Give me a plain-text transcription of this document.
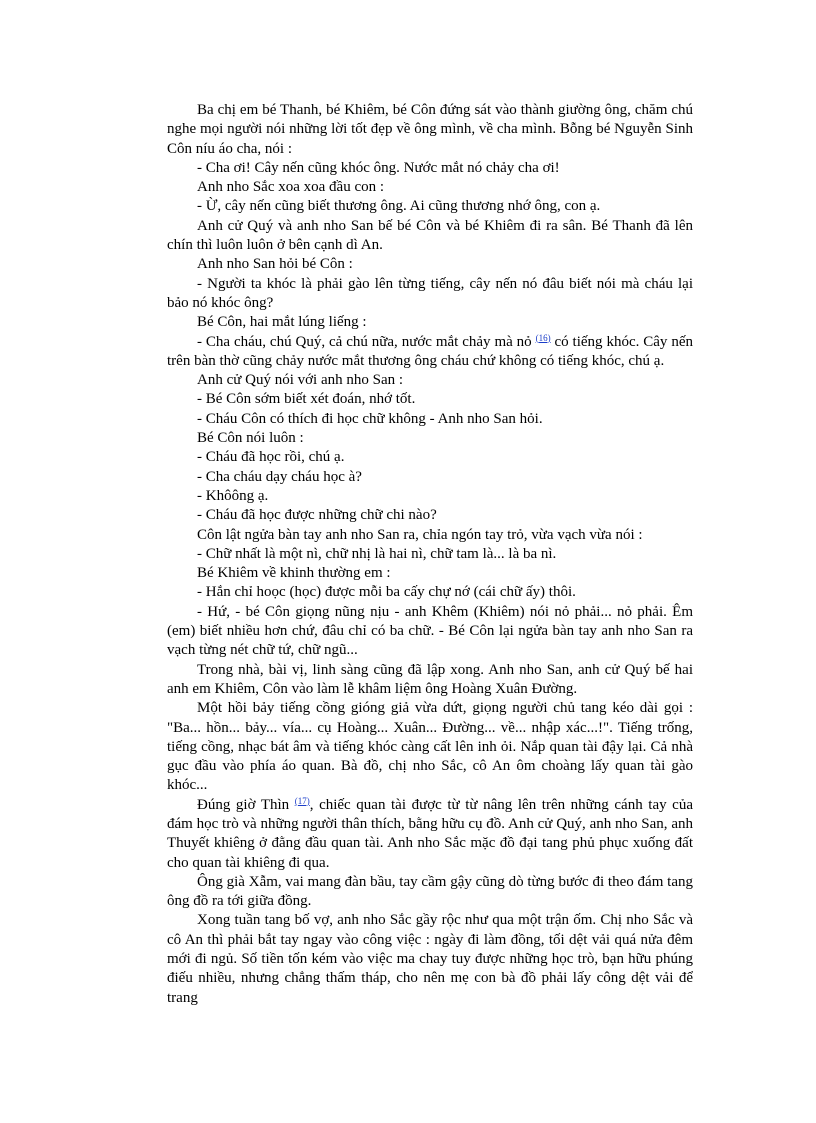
Ba chị em bé Thanh, bé Khiêm, bé Côn đứng sát vào thành giường ông, chăm chú nghe mọi người nói những lời tốt đẹp về ông mình, về cha mình. Bỗng bé Nguyễn Sinh Côn níu áo cha, nói :

- Cha ơi! Cây nến cũng khóc ông. Nước mắt nó chảy cha ơi!

Anh nho Sắc xoa xoa đầu con :

- Ừ, cây nến cũng biết thương ông. Ai cũng thương nhớ ông, con ạ.

Anh cử Quý và anh nho San bế bé Côn và bé Khiêm đi ra sân. Bé Thanh đã lên chín thì luôn luôn ở bên cạnh dì An.

Anh nho San hỏi bé Côn :

- Người ta khóc là phải gào lên từng tiếng, cây nến nó đâu biết nói mà cháu lại bảo nó khóc ông?

Bé Côn, hai mắt lúng liếng :

- Cha cháu, chú Quý, cả chú nữa, nước mắt chảy mà nỏ $^{(16)}$ có tiếng khóc. Cây nến trên bàn thờ cũng chảy nước mắt thương ông cháu chứ không có tiếng khóc, chú ạ.

Anh cử Quý nói với anh nho San :

- Bé Côn sớm biết xét đoán, nhớ tốt.

- Cháu Côn có thích đi học chữ không - Anh nho San hỏi.

Bé Côn nói luôn :

- Cháu đã học rồi, chú ạ.

- Cha cháu dạy cháu học à?

- Khôông ạ.

- Cháu đã học được những chữ chi nào?

Côn lật ngửa bàn tay anh nho San ra, chỉa ngón tay trỏ, vừa vạch vừa nói :

- Chữ nhất là một nì, chữ nhị là hai nì, chữ tam là... là ba nì.

Bé Khiêm về khinh thường em :

- Hắn chỉ hoọc (học) được mỗi ba cấy chự nớ (cái chữ ấy) thôi.

- Hứ, - bé Côn giọng nũng nịu - anh Khêm (Khiêm) nói nỏ phải... nỏ phải. Êm (em) biết nhiều hơn chứ, đâu chỉ có ba chữ. - Bé Côn lại ngửa bàn tay anh nho San ra vạch từng nét chữ tứ, chữ ngũ...

Trong nhà, bài vị, linh sàng cũng đã lập xong. Anh nho San, anh cử Quý bế hai anh em Khiêm, Côn vào làm lễ khâm liệm ông Hoàng Xuân Đường.

Một hồi bảy tiếng cồng gióng giả vừa dứt, giọng người chủ tang kéo dài gọi : "Ba... hồn... bảy... vía... cụ Hoàng... Xuân... Đường... về... nhập xác...!". Tiếng trống, tiếng cồng, nhạc bát âm và tiếng khóc càng cất lên inh ỏi. Nắp quan tài đậy lại. Cả nhà gục đầu vào phía áo quan. Bà đồ, chị nho Sắc, cô An ôm choàng lấy quan tài gào khóc...

Đúng giờ Thìn $^{(17)}$, chiếc quan tài được từ từ nâng lên trên những cánh tay của đám học trò và những người thân thích, bằng hữu cụ đồ. Anh cử Quý, anh nho San, anh Thuyết khiêng ở đằng đầu quan tài. Anh nho Sắc mặc đồ đại tang phủ phục xuống đất cho quan tài khiêng đi qua.

Ông già Xẫm, vai mang đàn bầu, tay cầm gậy cũng dò từng bước đi theo đám tang ông đồ ra tới giữa đồng.

Xong tuần tang bố vợ, anh nho Sắc gầy rộc như qua một trận ốm. Chị nho Sắc và cô An thì phải bắt tay ngay vào công việc : ngày đi làm đồng, tối dệt vải quá nửa đêm mới đi ngủ. Số tiền tốn kém vào việc ma chay tuy được những học trò, bạn hữu phúng điếu nhiều, nhưng chẳng thấm tháp, cho nên mẹ con bà đồ phải lấy công dệt vải để trang
